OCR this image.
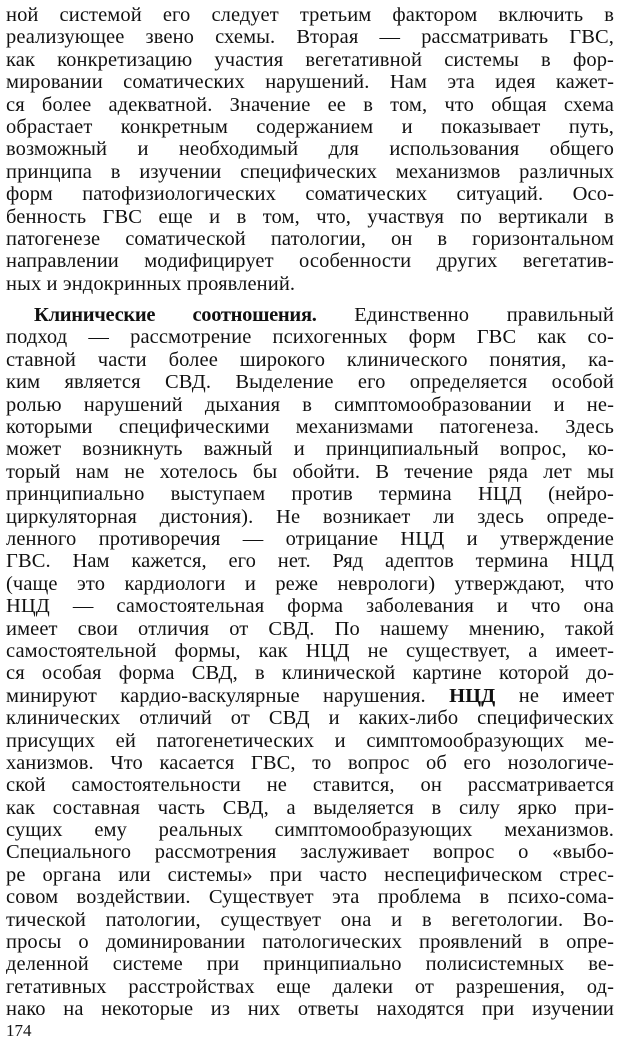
ной системой его следует третьим фактором включить в
реализующее звено схемы. Вторая — рассматривать ГВС,
как конкретизацию участия вегетативной системы в фор-
мировании соматических нарушений. Нам эта идея кажет-
ся более адекватной. Значение ее в том, что общая схема
обрастает конкретным содержанием и показывает путь,
возможный и необходимый для использования общего
принципа в изучении специфических механизмов различных
форм патофизиологических соматических ситуаций. Осо-
бенность ГВС еще и в том, что, участвуя по вертикали в
патогенезе соматической патологии, он в горизонтальном
направлении модифицирует особенности других вегетатив-
ных и эндокринных проявлений.
Клинические соотношения. Единственно правильный
подход — рассмотрение психогенных форм ГВС как со-
ставной части более широкого клинического понятия, ка-
ким является СВД. Выделение его определяется особой
ролью нарушений дыхания в симптомообразовании и не-
которыми специфическими механизмами патогенеза. Здесь
может возникнуть важный и принципиальный вопрос, ко-
торый нам не хотелось бы обойти. В течение ряда лет мы
принципиально выступаем против термина НЦД (нейро-
циркуляторная дистония). Не возникает ли здесь опреде-
ленного противоречия — отрицание НЦД и утверждение
ГВС. Нам кажется, его нет. Ряд адептов термина НЦД
(чаще это кардиологи и реже неврологи) утверждают, что
НЦД — самостоятельная форма заболевания и что она
имеет свои отличия от СВД. По нашему мнению, такой
самостоятельной формы, как НЦД не существует, а имеет-
ся особая форма СВД, в клинической картине которой до-
минируют кардио-васкулярные нарушения. НЦД не имеет
клинических отличий от СВД и каких-либо специфических
присущих ей патогенетических и симптомообразующих ме-
ханизмов. Что касается ГВС, то вопрос об его нозологиче-
ской самостоятельности не ставится, он рассматривается
как составная часть СВД, а выделяется в силу ярко при-
сущих ему реальных симптомообразующих механизмов.
Специального рассмотрения заслуживает вопрос о «выбо-
ре органа или системы» при часто неспецифическом стрес-
совом воздействии. Существует эта проблема в психо-сома-
тической патологии, существует она и в вегетологии. Во-
просы о доминировании патологических проявлений в опре-
деленной системе при принципиально полисистемных ве-
гетативных расстройствах еще далеки от разрешения, од-
нако на некоторые из них ответы находятся при изучении
174
